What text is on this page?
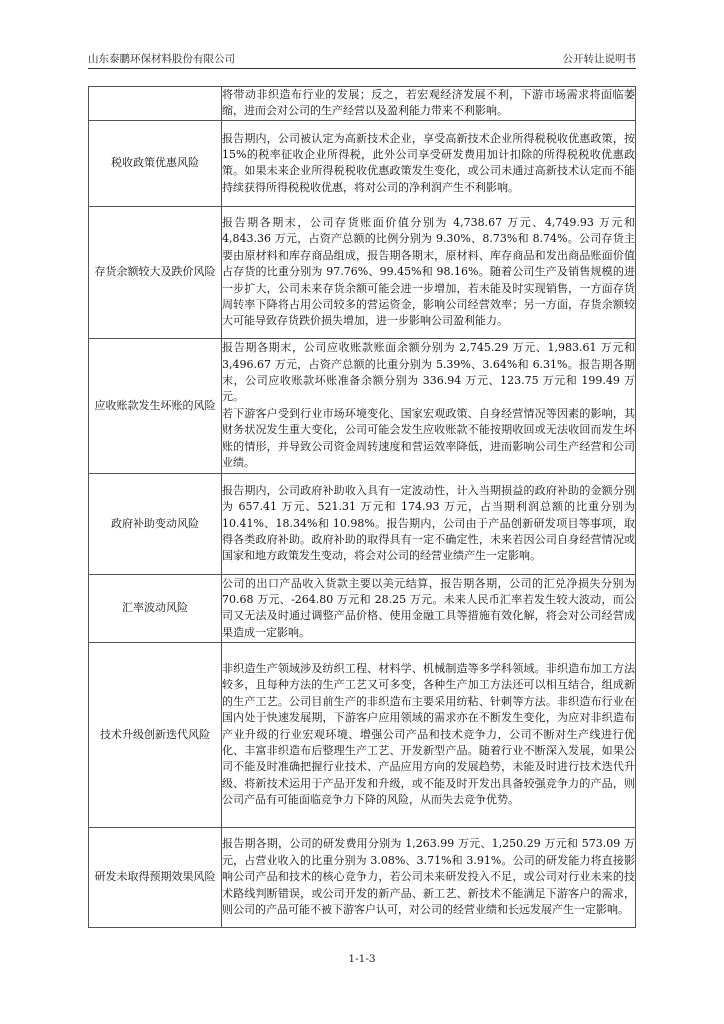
山东泰鹏环保材料股份有限公司	公开转让说明书

	将带动非织造布行业的发展；反之，若宏观经济发展不利，下游市场需求将面临萎缩，进而会对公司的生产经营以及盈利能力带来不利影响。

税收政策优惠风险	报告期内，公司被认定为高新技术企业，享受高新技术企业所得税税收优惠政策，按 15%的税率征收企业所得税，此外公司享受研发费用加计扣除的所得税税收优惠政策。如果未来企业所得税税收优惠政策发生变化，或公司未通过高新技术认定而不能持续获得所得税税收优惠，将对公司的净利润产生不利影响。

存货余额较大及跌价风险	报告期各期末，公司存货账面价值分别为 4,738.67 万元、4,749.93 万元和 4,843.36 万元，占资产总额的比例分别为 9.30%、8.73%和 8.74%。公司存货主要由原材料和库存商品组成，报告期各期末，原材料、库存商品和发出商品账面价值占存货的比重分别为 97.76%、99.45%和 98.16%。随着公司生产及销售规模的进一步扩大，公司未来存货余额可能会进一步增加，若未能及时实现销售，一方面存货周转率下降将占用公司较多的营运资金，影响公司经营效率；另一方面，存货余额较大可能导致存货跌价损失增加，进一步影响公司盈利能力。

应收账款发生坏账的风险	报告期各期末，公司应收账款账面余额分别为 2,745.29 万元、1,983.61 万元和 3,496.67 万元，占资产总额的比重分别为 5.39%、3.64%和 6.31%。报告期各期末，公司应收账款坏账准备余额分别为 336.94 万元、123.75 万元和 199.49 万元。

若下游客户受到行业市场环境变化、国家宏观政策、自身经营情况等因素的影响，其财务状况发生重大变化，公司可能会发生应收账款不能按期收回或无法收回而发生坏账的情形，并导致公司资金周转速度和营运效率降低，进而影响公司生产经营和公司业绩。

政府补助变动风险	报告期内，公司政府补助收入具有一定波动性，计入当期损益的政府补助的金额分别为 657.41 万元、521.31 万元和 174.93 万元，占当期利润总额的比重分别为 10.41%、18.34%和 10.98%。报告期内，公司由于产品创新研发项目等事项，取得各类政府补助。政府补助的取得具有一定不确定性，未来若因公司自身经营情况或国家和地方政策发生变动，将会对公司的经营业绩产生一定影响。

汇率波动风险	公司的出口产品收入货款主要以美元结算，报告期各期，公司的汇兑净损失分别为 70.68 万元、-264.80 万元和 28.25 万元。未来人民币汇率若发生较大波动，而公司又无法及时通过调整产品价格、使用金融工具等措施有效化解，将会对公司经营成果造成一定影响。

技术升级创新迭代风险	非织造生产领域涉及纺织工程、材料学、机械制造等多学科领域。非织造布加工方法较多，且每种方法的生产工艺又可多变，各种生产加工方法还可以相互结合，组成新的生产工艺。公司目前生产的非织造布主要采用纺粘、针刺等方法。非织造布行业在国内处于快速发展期，下游客户应用领域的需求亦在不断发生变化，为应对非织造布产业升级的行业宏观环境、增强公司产品和技术竞争力，公司不断对生产线进行优化、丰富非织造布后整理生产工艺、开发新型产品。随着行业不断深入发展，如果公司不能及时准确把握行业技术、产品应用方向的发展趋势，未能及时进行技术迭代升级、将新技术运用于产品开发和升级，或不能及时开发出具备较强竞争力的产品，则公司产品有可能面临竞争力下降的风险，从而失去竞争优势。

研发未取得预期效果风险	报告期各期，公司的研发费用分别为 1,263.99 万元、1,250.29 万元和 573.09 万元，占营业收入的比重分别为 3.08%、3.71%和 3.91%。公司的研发能力将直接影响公司产品和技术的核心竞争力，若公司未来研发投入不足，或公司对行业未来的技术路线判断错误，或公司开发的新产品、新工艺、新技术不能满足下游客户的需求，则公司的产品可能不被下游客户认可，对公司的经营业绩和长远发展产生一定影响。

1-1-3
